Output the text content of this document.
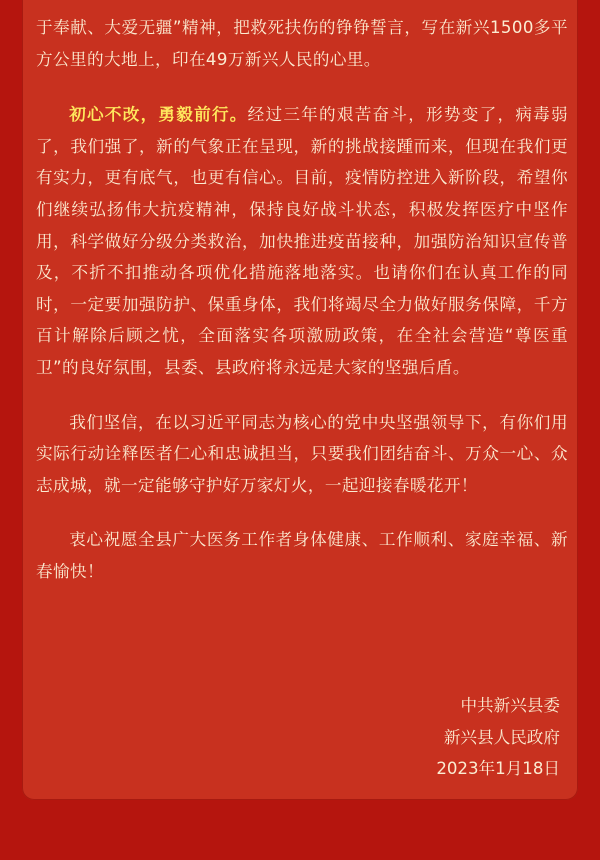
于奉献、大爱无疆”精神，把救死扶伤的铮铮誓言，写在新兴1500多平方公里的大地上，印在49万新兴人民的心里。

初心不改，勇毅前行。经过三年的艰苦奋斗，形势变了，病毒弱了，我们强了，新的气象正在呈现，新的挑战接踵而来，但现在我们更有实力，更有底气，也更有信心。目前，疫情防控进入新阶段，希望你们继续弘扬伟大抗疫精神，保持良好战斗状态，积极发挥医疗中坚作用，科学做好分级分类救治，加快推进疫苗接种，加强防治知识宣传普及，不折不扣推动各项优化措施落地落实。也请你们在认真工作的同时，一定要加强防护、保重身体，我们将竭尽全力做好服务保障，千方百计解除后顾之忧，全面落实各项激励政策，在全社会营造“尊医重卫”的良好氛围，县委、县政府将永远是大家的坚强后盾。

我们坚信，在以习近平同志为核心的党中央坚强领导下，有你们用实际行动诠释医者仁心和忠诚担当，只要我们团结奋斗、万众一心、众志成城，就一定能够守护好万家灯火，一起迎接春暖花开！

衷心祝愿全县广大医务工作者身体健康、工作顺利、家庭幸福、新春愉快！

中共新兴县委
新兴县人民政府
2023年1月18日
